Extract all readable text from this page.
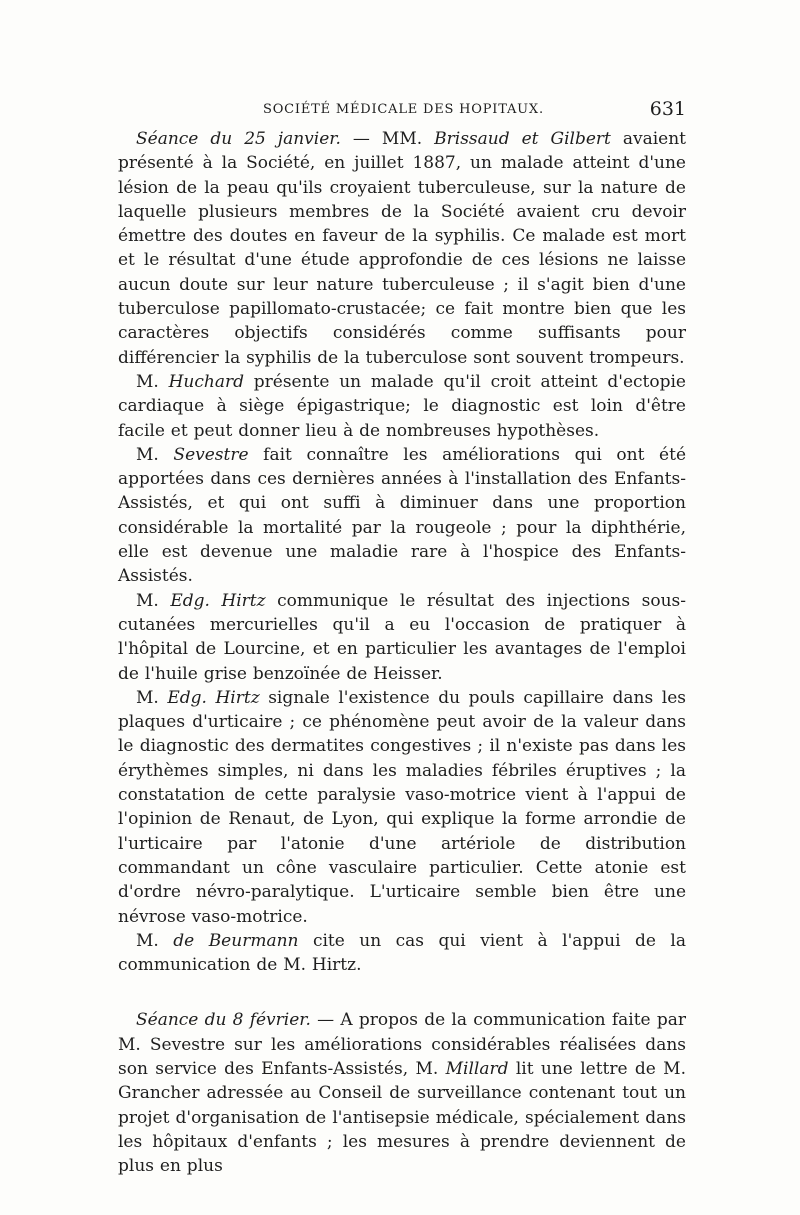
SOCIÉTÉ MÉDICALE DES HOPITAUX.	631

Séance du 25 janvier. — MM. Brissaud et Gilbert avaient présenté à la Société, en juillet 1887, un malade atteint d'une lésion de la peau qu'ils croyaient tuberculeuse, sur la nature de laquelle plusieurs membres de la Société avaient cru devoir émettre des doutes en faveur de la syphilis. Ce malade est mort et le résultat d'une étude approfondie de ces lésions ne laisse aucun doute sur leur nature tuberculeuse ; il s'agit bien d'une tuberculose papillomato-crustacée; ce fait montre bien que les caractères objectifs considérés comme suffisants pour différencier la syphilis de la tuberculose sont souvent trompeurs.

M. Huchard présente un malade qu'il croit atteint d'ectopie cardiaque à siège épigastrique; le diagnostic est loin d'être facile et peut donner lieu à de nombreuses hypothèses.

M. Sevestre fait connaître les améliorations qui ont été apportées dans ces dernières années à l'installation des Enfants-Assistés, et qui ont suffi à diminuer dans une proportion considérable la mortalité par la rougeole ; pour la diphthérie, elle est devenue une maladie rare à l'hospice des Enfants-Assistés.

M. Edg. Hirtz communique le résultat des injections sous-cutanées mercurielles qu'il a eu l'occasion de pratiquer à l'hôpital de Lourcine, et en particulier les avantages de l'emploi de l'huile grise benzoïnée de Heisser.

M. Edg. Hirtz signale l'existence du pouls capillaire dans les plaques d'urticaire ; ce phénomène peut avoir de la valeur dans le diagnostic des dermatites congestives ; il n'existe pas dans les érythèmes simples, ni dans les maladies fébriles éruptives ; la constatation de cette paralysie vaso-motrice vient à l'appui de l'opinion de Renaut, de Lyon, qui explique la forme arrondie de l'urticaire par l'atonie d'une artériole de distribution commandant un cône vasculaire particulier. Cette atonie est d'ordre névro-paralytique. L'urticaire semble bien être une névrose vaso-motrice.

M. de Beurmann cite un cas qui vient à l'appui de la communication de M. Hirtz.

Séance du 8 février. — A propos de la communication faite par M. Sevestre sur les améliorations considérables réalisées dans son service des Enfants-Assistés, M. Millard lit une lettre de M. Grancher adressée au Conseil de surveillance contenant tout un projet d'organisation de l'antisepsie médicale, spécialement dans les hôpitaux d'enfants ; les mesures à prendre deviennent de plus en plus
